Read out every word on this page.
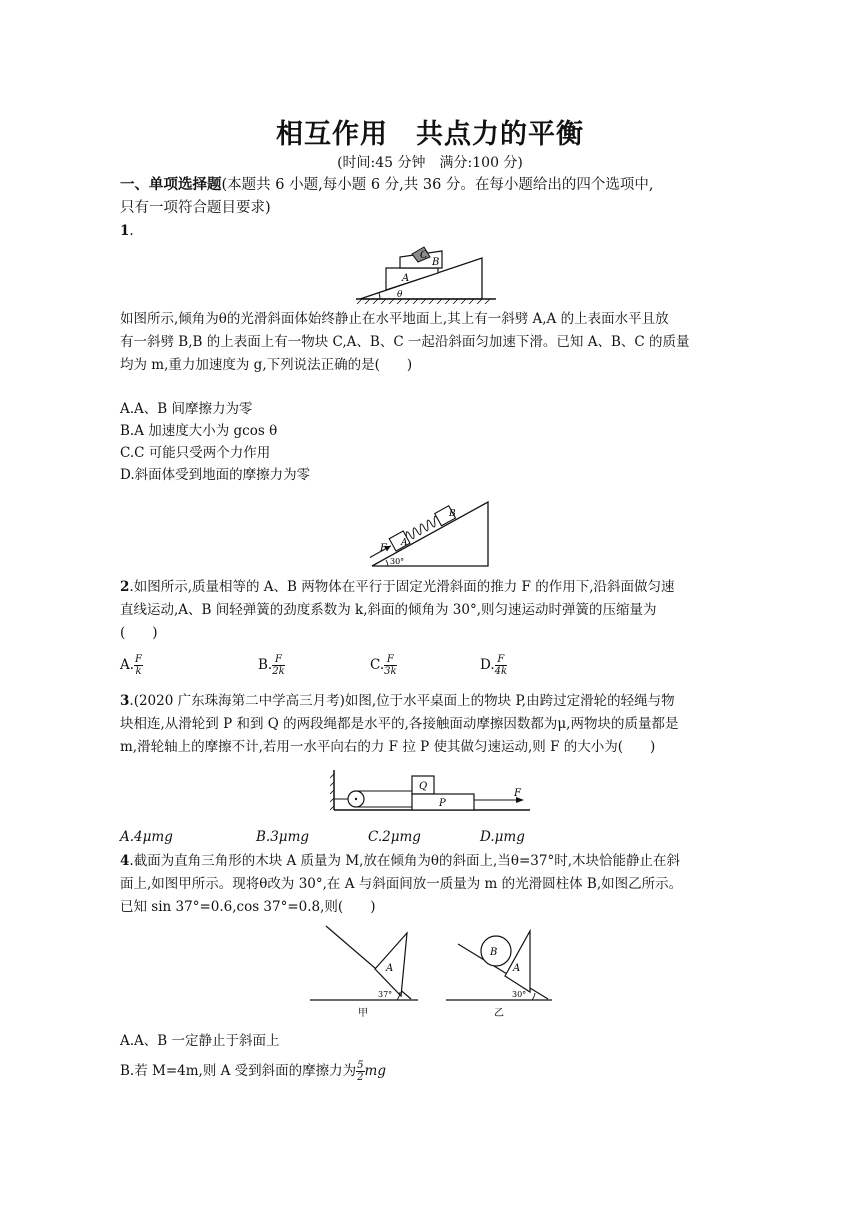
相互作用　共点力的平衡
(时间:45 分钟　满分:100 分)
一、单项选择题(本题共 6 小题,每小题 6 分,共 36 分。在每小题给出的四个选项中,
只有一项符合题目要求)
1.
C
B
A
θ
如图所示,倾角为θ的光滑斜面体始终静止在水平地面上,其上有一斜劈 A,A 的上表面水平且放
有一斜劈 B,B 的上表面上有一物块 C,A、B、C 一起沿斜面匀加速下滑。已知 A、B、C 的质量
均为 m,重力加速度为 g,下列说法正确的是(　　)
A.A、B 间摩擦力为零
B.A 加速度大小为 gcos θ
C.C 可能只受两个力作用
D.斜面体受到地面的摩擦力为零
F A
B
30°
2.如图所示,质量相等的 A、B 两物体在平行于固定光滑斜面的推力 F 的作用下,沿斜面做匀速
直线运动,A、B 间轻弹簧的劲度系数为 k,斜面的倾角为 30°,则匀速运动时弹簧的压缩量为
(　　)
A. $\frac{F}{k}$	B. $\frac{F}{2k}$	C. $\frac{F}{3k}$	D. $\frac{F}{4k}$
3.(2020 广东珠海第二中学高三月考)如图,位于水平桌面上的物块 P,由跨过定滑轮的轻绳与物
块相连,从滑轮到 P 和到 Q 的两段绳都是水平的,各接触面动摩擦因数都为μ,两物块的质量都是
m,滑轮轴上的摩擦不计,若用一水平向右的力 F 拉 P 使其做匀速运动,则 F 的大小为(　　)
Q
P
F
A.4μmg	B.3μmg	C.2μmg	D.μmg
4.截面为直角三角形的木块 A 质量为 M,放在倾角为θ的斜面上,当θ=37°时,木块恰能静止在斜
面上,如图甲所示。现将θ改为 30°,在 A 与斜面间放一质量为 m 的光滑圆柱体 B,如图乙所示。
已知 sin 37°=0.6,cos 37°=0.8,则(　　)
A
37°
甲
B
A
30°
乙
A.A、B 一定静止于斜面上
B.若 M=4m,则 A 受到斜面的摩擦力为 $\frac{5}{2}$ mg
